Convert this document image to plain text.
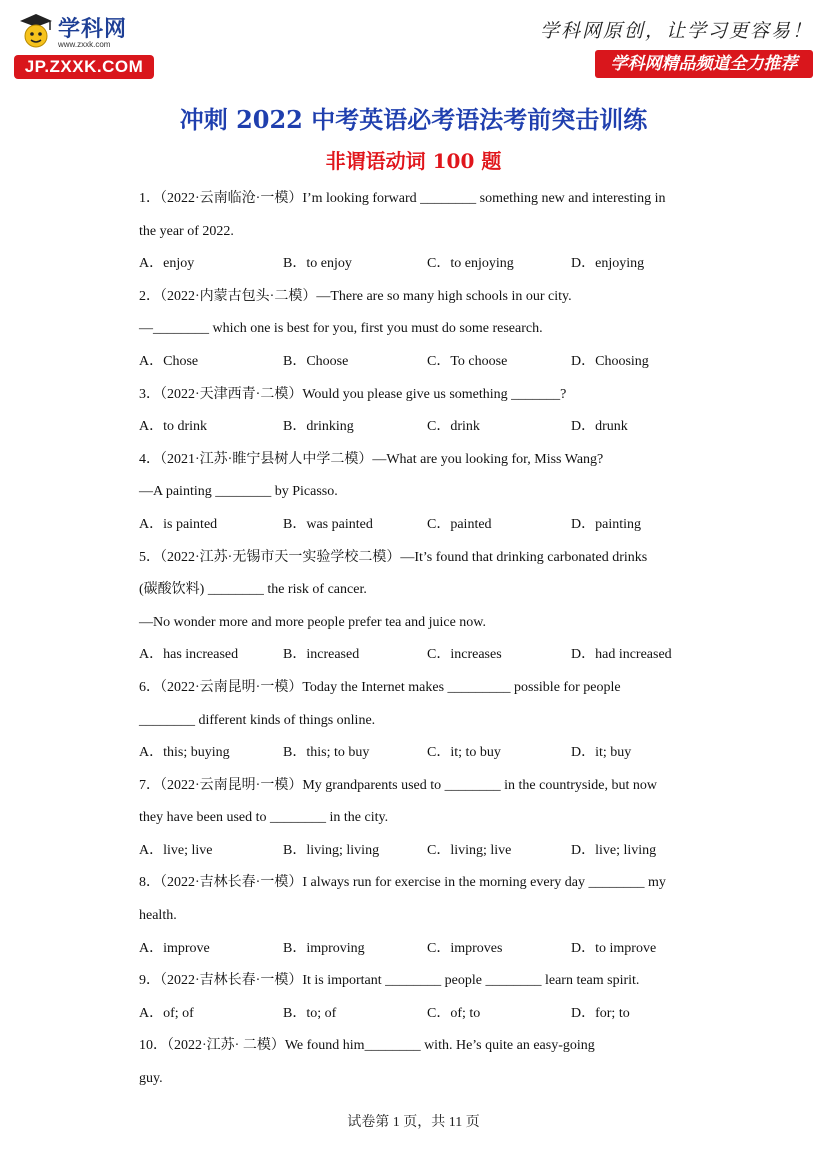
学科网
www.zxxk.com
JP.ZXXK.COM
学科网原创，让学习更容易！
学科网精品频道全力推荐
冲刺 2022 中考英语必考语法考前突击训练
非谓语动词 100 题
1．（2022·云南临沧·一模）I’m looking forward ________ something new and interesting in
the year of 2022.
A．enjoy	B．to enjoy	C．to enjoying	D．enjoying
2．（2022·内蒙古包头·二模）—There are so many high schools in our city.
—________ which one is best for you, first you must do some research.
A．Chose	B．Choose	C．To choose	D．Choosing
3．（2022·天津西青·二模）Would you please give us something _______?
A．to drink	B．drinking	C．drink	D．drunk
4．（2021·江苏·睢宁县树人中学二模）—What are you looking for, Miss Wang?
—A painting ________ by Picasso.
A．is painted	B．was painted	C．painted	D．painting
5．（2022·江苏·无锡市天一实验学校二模）—It’s found that drinking carbonated drinks
(碳酸饮料) ________ the risk of cancer.
—No wonder more and more people prefer tea and juice now.
A．has increased	B．increased	C．increases	D．had increased
6．（2022·云南昆明·一模）Today the Internet makes _________ possible for people
________ different kinds of things online.
A．this; buying	B．this; to buy	C．it; to buy	D．it; buy
7．（2022·云南昆明·一模）My grandparents used to ________ in the countryside, but now
they have been used to ________ in the city.
A．live; live	B．living; living	C．living; live	D．live; living
8．（2022·吉林长春·一模）I always run for exercise in the morning every day ________ my
health.
A．improve	B．improving	C．improves	D．to improve
9．（2022·吉林长春·一模）It is important ________ people ________ learn team spirit.
A．of; of	B．to; of	C．of; to	D．for; to
10．（2022·江苏· 二模）We found him________ with. He’s quite an easy-going
guy.
试卷第 1 页，共 11 页
